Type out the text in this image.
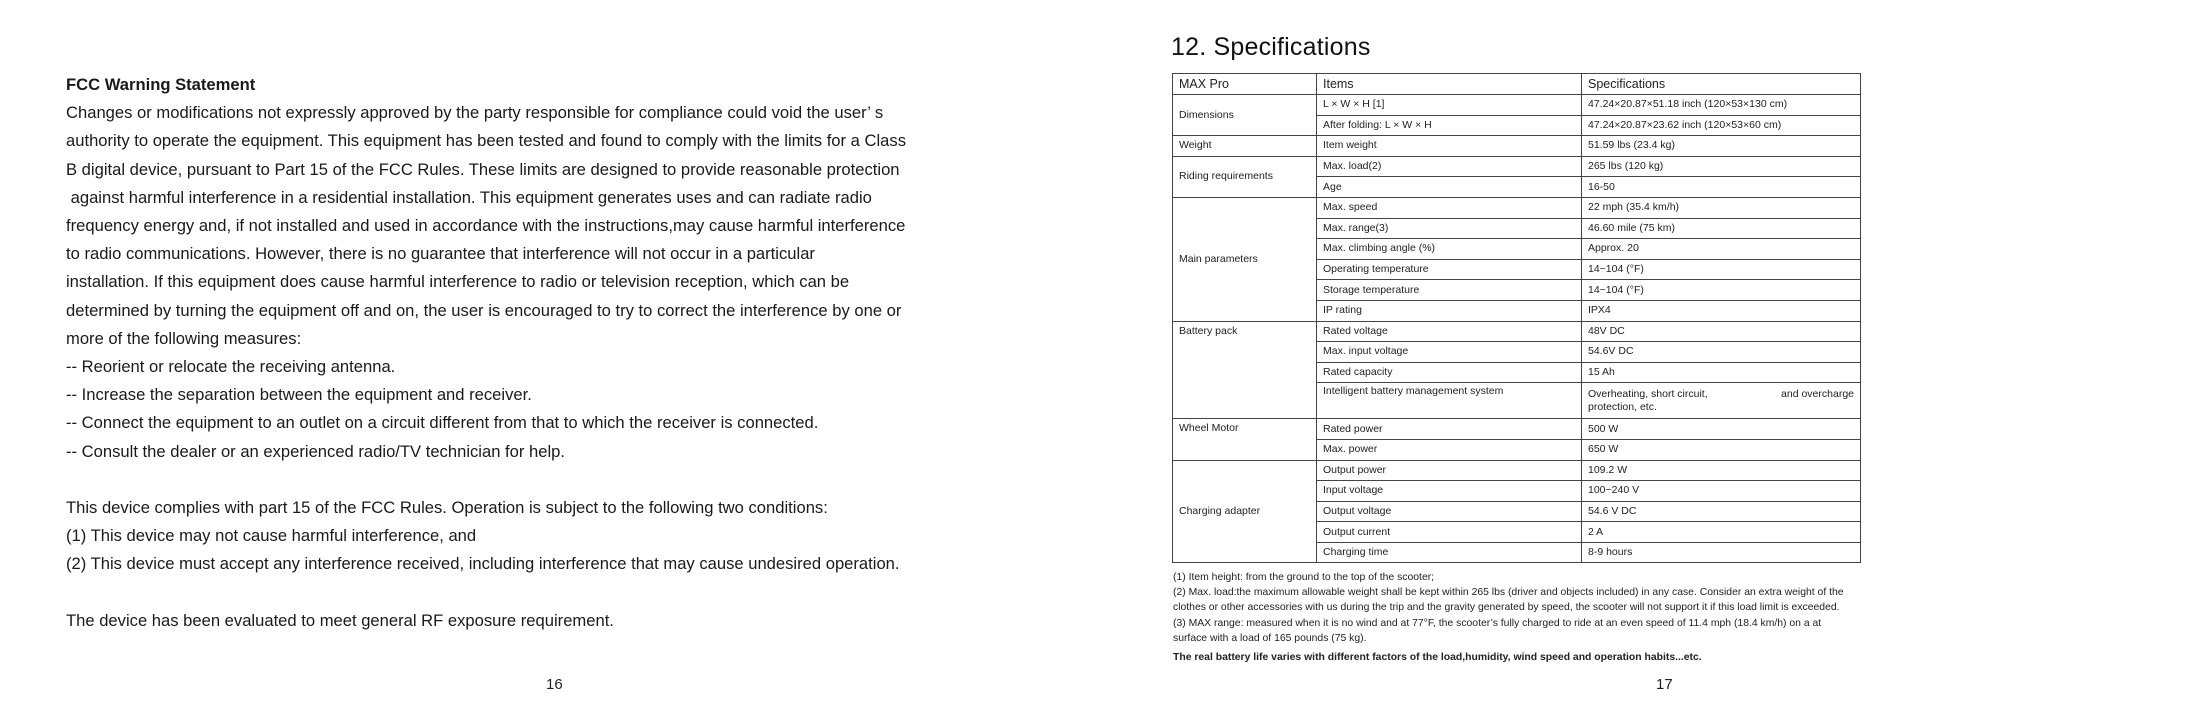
FCC Warning Statement

Changes or modifications not expressly approved by the party responsible for compliance could void the user’ s

authority to operate the equipment. This equipment has been tested and found to comply with the limits for a Class

B digital device, pursuant to Part 15 of the FCC Rules. These limits are designed to provide reasonable protection

against harmful interference in a residential installation. This equipment generates uses and can radiate radio

frequency energy and, if not installed and used in accordance with the instructions,may cause harmful interference

to radio communications. However, there is no guarantee that interference will not occur in a particular

installation. If this equipment does cause harmful interference to radio or television reception, which can be

determined by turning the equipment off and on, the user is encouraged to try to correct the interference by one or

more of the following measures:

-- Reorient or relocate the receiving antenna.

-- Increase the separation between the equipment and receiver.

-- Connect the equipment to an outlet on a circuit different from that to which the receiver is connected.

-- Consult the dealer or an experienced radio/TV technician for help.

This device complies with part 15 of the FCC Rules. Operation is subject to the following two conditions:

(1) This device may not cause harmful interference, and

(2) This device must accept any interference received, including interference that may cause undesired operation.

The device has been evaluated to meet general RF exposure requirement.

16
12. Specifications
MAX Pro	Items	Specifications
Dimensions	L × W × H [1]	47.24×20.87×51.18 inch (120×53×130 cm)
	After folding: L × W × H	47.24×20.87×23.62 inch (120×53×60 cm)
Weight	Item weight	51.59 lbs (23.4 kg)
Riding requirements	Max. load(2)	265 lbs (120 kg)
	Age	16-50
Main parameters	Max. speed	22 mph (35.4 km/h)
	Max. range(3)	46.60 mile (75 km)
	Max. climbing angle (%)	Approx. 20
	Operating temperature	14~104 (°F)
	Storage temperature	14~104 (°F)
	IP rating	IPX4
Battery pack	Rated voltage	48V DC
	Max. input voltage	54.6V DC
	Rated capacity	15 Ah
	Intelligent battery management system	Overheating, short circuit, and overcharge
protection, etc.

Wheel Motor	Rated power	500 W
	Max. power	650 W
Charging adapter	Output power	109.2 W
	Input voltage	100~240 V
	Output voltage	54.6 V DC
	Output current	2 A
	Charging time	8-9 hours

(1) Item height: from the ground to the top of the scooter;

(2) Max. load:the maximum allowable weight shall be kept within 265 lbs (driver and objects included) in any case. Consider an extra weight of the

clothes or other accessories with us during the trip and the gravity generated by speed, the scooter will not support it if this load limit is exceeded.

(3) MAX range: measured when it is no wind and at 77°F, the scooter’s fully charged to ride at an even speed of 11.4 mph (18.4 km/h) on a at

surface with a load of 165 pounds (75 kg).

The real battery life varies with different factors of the load,humidity, wind speed and operation habits...etc.

17
